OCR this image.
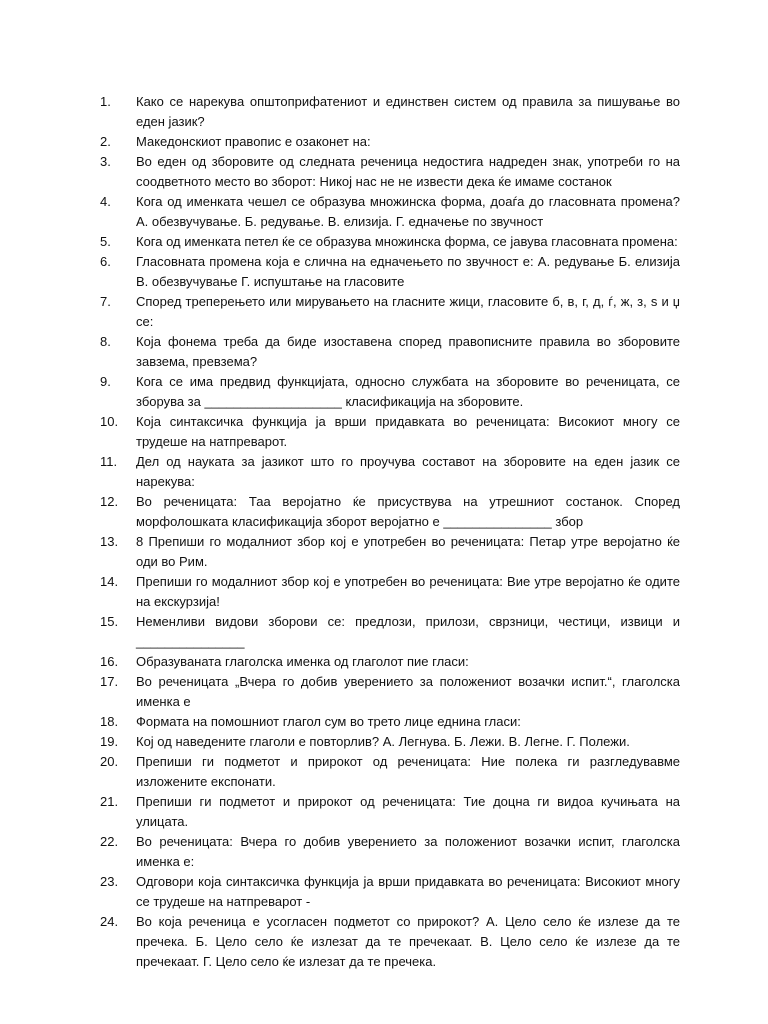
1.	Како се нарекува општоприфатениот и единствен систем од правила за пишување во еден јазик?
2.	Македонскиот правопис е озаконет на:
3.	Во еден од зборовите од следната реченица недостига надреден знак, употреби го на соодветното место во зборот: Никој нас не не извести дека ќе имаме состанок
4.	Кога од именката чешел се образува множинска форма, доаѓа до гласовната промена? А. обезвучување. Б. редување. В. елизија. Г. едначење по звучност
5.	Кога од именката петел ќе се образува множинска форма, се јавува гласовната промена:
6.	Гласовната промена која е слична на едначењето по звучност е: А. редување Б. елизија В. обезвучување Г. испуштање на гласовите
7.	Според треперењето или мирувањето на гласните жици, гласовите б, в, г, д, ѓ, ж, з, ѕ и џ се:
8.	Која фонема треба да биде изоставена според правописните правила во зборовите завзема, превзема?
9.	Кога се има предвид функцијата, односно службата на зборовите во реченицата, се зборува за ___________________ класификација на зборовите.
10.	Која синтаксичка функција ја врши придавката во реченицата: Високиот многу се трудеше на натпреварот.
11.	Дел од науката за јазикот што го проучува составот на зборовите на еден јазик се нарекува:
12.	Во реченицата: Таа веројатно ќе присуствува на утрешниот состанок. Според морфолошката класификација зборот веројатно е _______________ збор
13.	8 Препиши го модалниот збор кој е употребен во реченицата: Петар утре веројатно ќе оди во Рим.
14.	Препиши го модалниот збор кој е употребен во реченицата: Вие утре веројатно ќе одите на екскурзија!
15.	Неменливи видови зборови се: предлози, прилози, сврзници, честици, извици и _______________
16.	Образуваната глаголска именка од глаголот пие гласи:
17.	Во реченицата „Вчера го добив уверението за положениот возачки испит.“, глаголска именка е
18.	Формата на помошниот глагол сум во трето лице еднина гласи:
19.	Кој од наведените глаголи е повторлив? А. Легнува. Б. Лежи. В. Легне. Г. Полежи.
20.	Препиши ги подметот и прирокот од реченицата: Ние полека ги разгледувавме изложените експонати.
21.	Препиши ги подметот и прирокот од реченицата: Тие доцна ги видоа кучињата на улицата.
22.	Во реченицата: Вчера го добив уверението за положениот возачки испит, глаголска именка е:
23.	Одговори која синтаксичка функција ја врши придавката во реченицата: Високиот многу се трудеше на натпреварот -
24.	Во која реченица е усогласен подметот со прирокот? А. Цело село ќе излезе да те пречека. Б. Цело село ќе излезат да те пречекаат. В. Цело село ќе излезе да те пречекаат. Г. Цело село ќе излезат да те пречека.
